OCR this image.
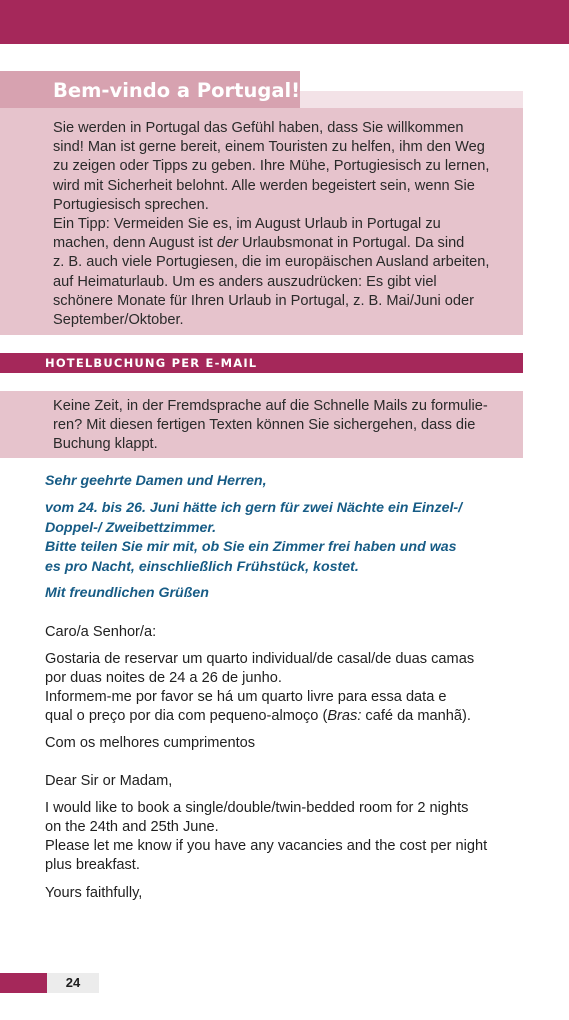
Bem-vindo a Portugal!

Sie werden in Portugal das Gefühl haben, dass Sie willkommen
sind! Man ist gerne bereit, einem Touristen zu helfen, ihm den Weg
zu zeigen oder Tipps zu geben. Ihre Mühe, Portugiesisch zu lernen,
wird mit Sicherheit belohnt. Alle werden begeistert sein, wenn Sie
Portugiesisch sprechen.

Ein Tipp: Vermeiden Sie es, im August Urlaub in Portugal zu
machen, denn August ist der Urlaubsmonat in Portugal. Da sind
z. B. auch viele Portugiesen, die im europäischen Ausland arbeiten,
auf Heimaturlaub. Um es anders auszudrücken: Es gibt viel
schönere Monate für Ihren Urlaub in Portugal, z. B. Mai/Juni oder
September/Oktober.

HOTELBUCHUNG PER E-MAIL

Keine Zeit, in der Fremdsprache auf die Schnelle Mails zu formulie-
ren? Mit diesen fertigen Texten können Sie sichergehen, dass die
Buchung klappt.

Sehr geehrte Damen und Herren,

vom 24. bis 26. Juni hätte ich gern für zwei Nächte ein Einzel-/
Doppel-/ Zweibettzimmer.
Bitte teilen Sie mir mit, ob Sie ein Zimmer frei haben und was
es pro Nacht, einschließlich Frühstück, kostet.

Mit freundlichen Grüßen

Caro/a Senhor/a:

Gostaria de reservar um quarto individual/de casal/de duas camas
por duas noites de 24 a 26 de junho.
Informem-me por favor se há um quarto livre para essa data e
qual o preço por dia com pequeno-almoço (Bras: café da manhã).

Com os melhores cumprimentos

Dear Sir or Madam,

I would like to book a single/double/twin-bedded room for 2 nights
on the 24th and 25th June.
Please let me know if you have any vacancies and the cost per night
plus breakfast.

Yours faithfully,

24
